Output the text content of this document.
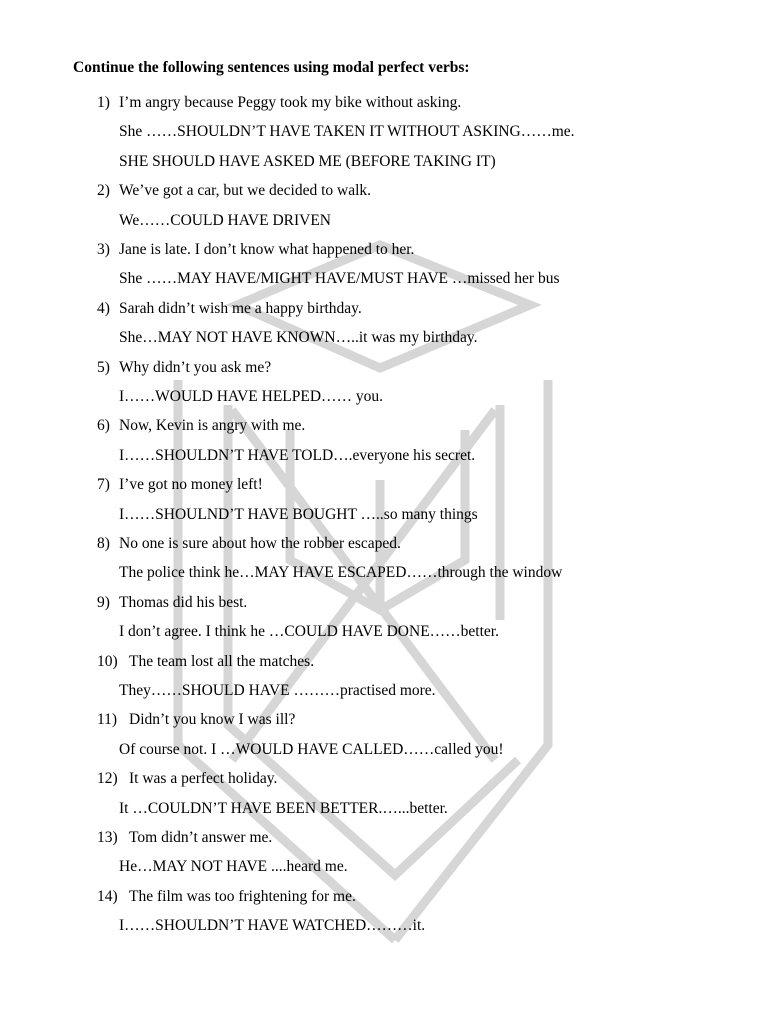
Continue the following sentences using modal perfect verbs:
1) I’m angry because Peggy took my bike without asking.
She ……SHOULDN’T HAVE TAKEN IT WITHOUT ASKING……me.
SHE SHOULD HAVE ASKED ME (BEFORE TAKING IT)
2) We’ve got a car, but we decided to walk.
We……COULD HAVE DRIVEN
3) Jane is late. I don’t know what happened to her.
She ……MAY HAVE/MIGHT HAVE/MUST HAVE …missed her bus
4) Sarah didn’t wish me a happy birthday.
She…MAY NOT HAVE KNOWN…..it was my birthday.
5) Why didn’t you ask me?
I……WOULD HAVE HELPED…… you.
6) Now, Kevin is angry with me.
I……SHOULDN’T HAVE TOLD….everyone his secret.
7) I’ve got no money left!
I……SHOULND’T HAVE BOUGHT …..so many things
8) No one is sure about how the robber escaped.
The police think he…MAY HAVE ESCAPED……through the window
9) Thomas did his best.
I don’t agree. I think he …COULD HAVE DONE……better.
10) The team lost all the matches.
They……SHOULD HAVE ………practised more.
11) Didn’t you know I was ill?
Of course not. I …WOULD HAVE CALLED……called you!
12) It was a perfect holiday.
It …COULDN’T HAVE BEEN BETTER.…...better.
13) Tom didn’t answer me.
He…MAY NOT HAVE ....heard me.
14) The film was too frightening for me.
I……SHOULDN’T HAVE WATCHED………it.
